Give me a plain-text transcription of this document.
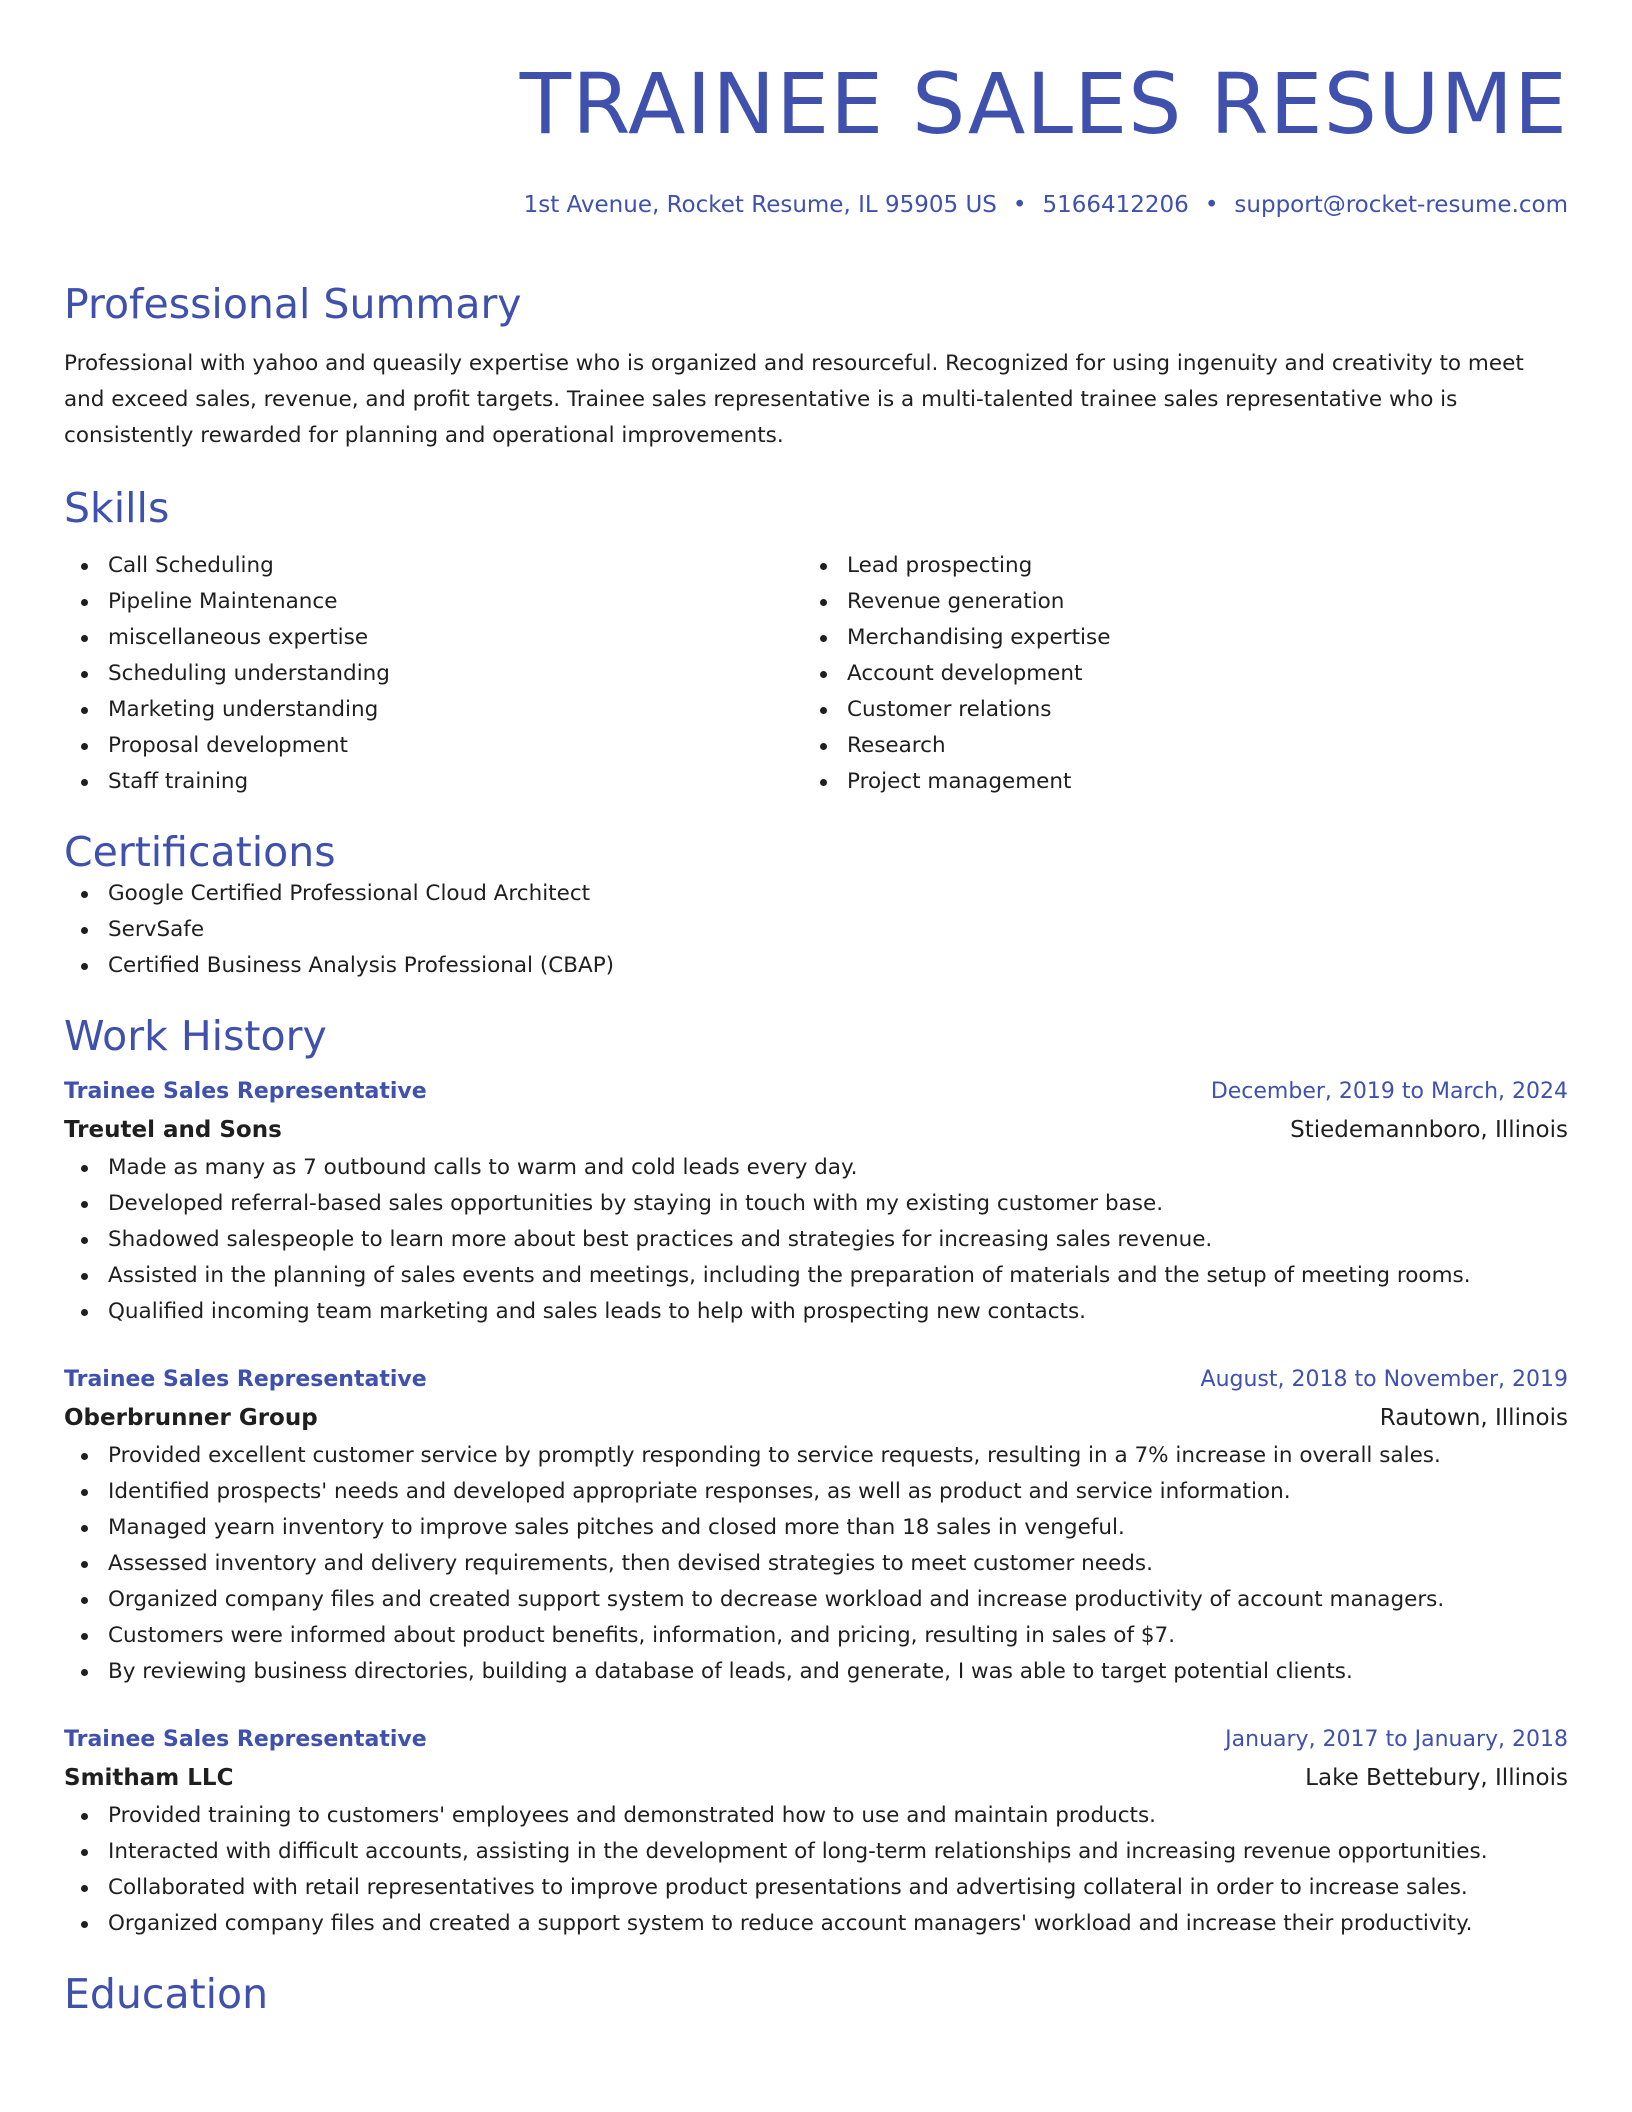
TRAINEE SALES RESUME
1st Avenue, Rocket Resume, IL 95905 US • 5166412206 • support@rocket-resume.com
Professional Summary
Professional with yahoo and queasily expertise who is organized and resourceful. Recognized for using ingenuity and creativity to meet and exceed sales, revenue, and profit targets. Trainee sales representative is a multi-talented trainee sales representative who is consistently rewarded for planning and operational improvements.
Skills
Call Scheduling
Pipeline Maintenance
miscellaneous expertise
Scheduling understanding
Marketing understanding
Proposal development
Staff training
Lead prospecting
Revenue generation
Merchandising expertise
Account development
Customer relations
Research
Project management
Certifications
Google Certified Professional Cloud Architect
ServSafe
Certified Business Analysis Professional (CBAP)
Work History
Trainee Sales Representative	December, 2019 to March, 2024
Treutel and Sons	Stiedemannboro, Illinois
Made as many as 7 outbound calls to warm and cold leads every day.
Developed referral-based sales opportunities by staying in touch with my existing customer base.
Shadowed salespeople to learn more about best practices and strategies for increasing sales revenue.
Assisted in the planning of sales events and meetings, including the preparation of materials and the setup of meeting rooms.
Qualified incoming team marketing and sales leads to help with prospecting new contacts.
Trainee Sales Representative	August, 2018 to November, 2019
Oberbrunner Group	Rautown, Illinois
Provided excellent customer service by promptly responding to service requests, resulting in a 7% increase in overall sales.
Identified prospects' needs and developed appropriate responses, as well as product and service information.
Managed yearn inventory to improve sales pitches and closed more than 18 sales in vengeful.
Assessed inventory and delivery requirements, then devised strategies to meet customer needs.
Organized company files and created support system to decrease workload and increase productivity of account managers.
Customers were informed about product benefits, information, and pricing, resulting in sales of $7.
By reviewing business directories, building a database of leads, and generate, I was able to target potential clients.
Trainee Sales Representative	January, 2017 to January, 2018
Smitham LLC	Lake Bettebury, Illinois
Provided training to customers' employees and demonstrated how to use and maintain products.
Interacted with difficult accounts, assisting in the development of long-term relationships and increasing revenue opportunities.
Collaborated with retail representatives to improve product presentations and advertising collateral in order to increase sales.
Organized company files and created a support system to reduce account managers' workload and increase their productivity.
Education
